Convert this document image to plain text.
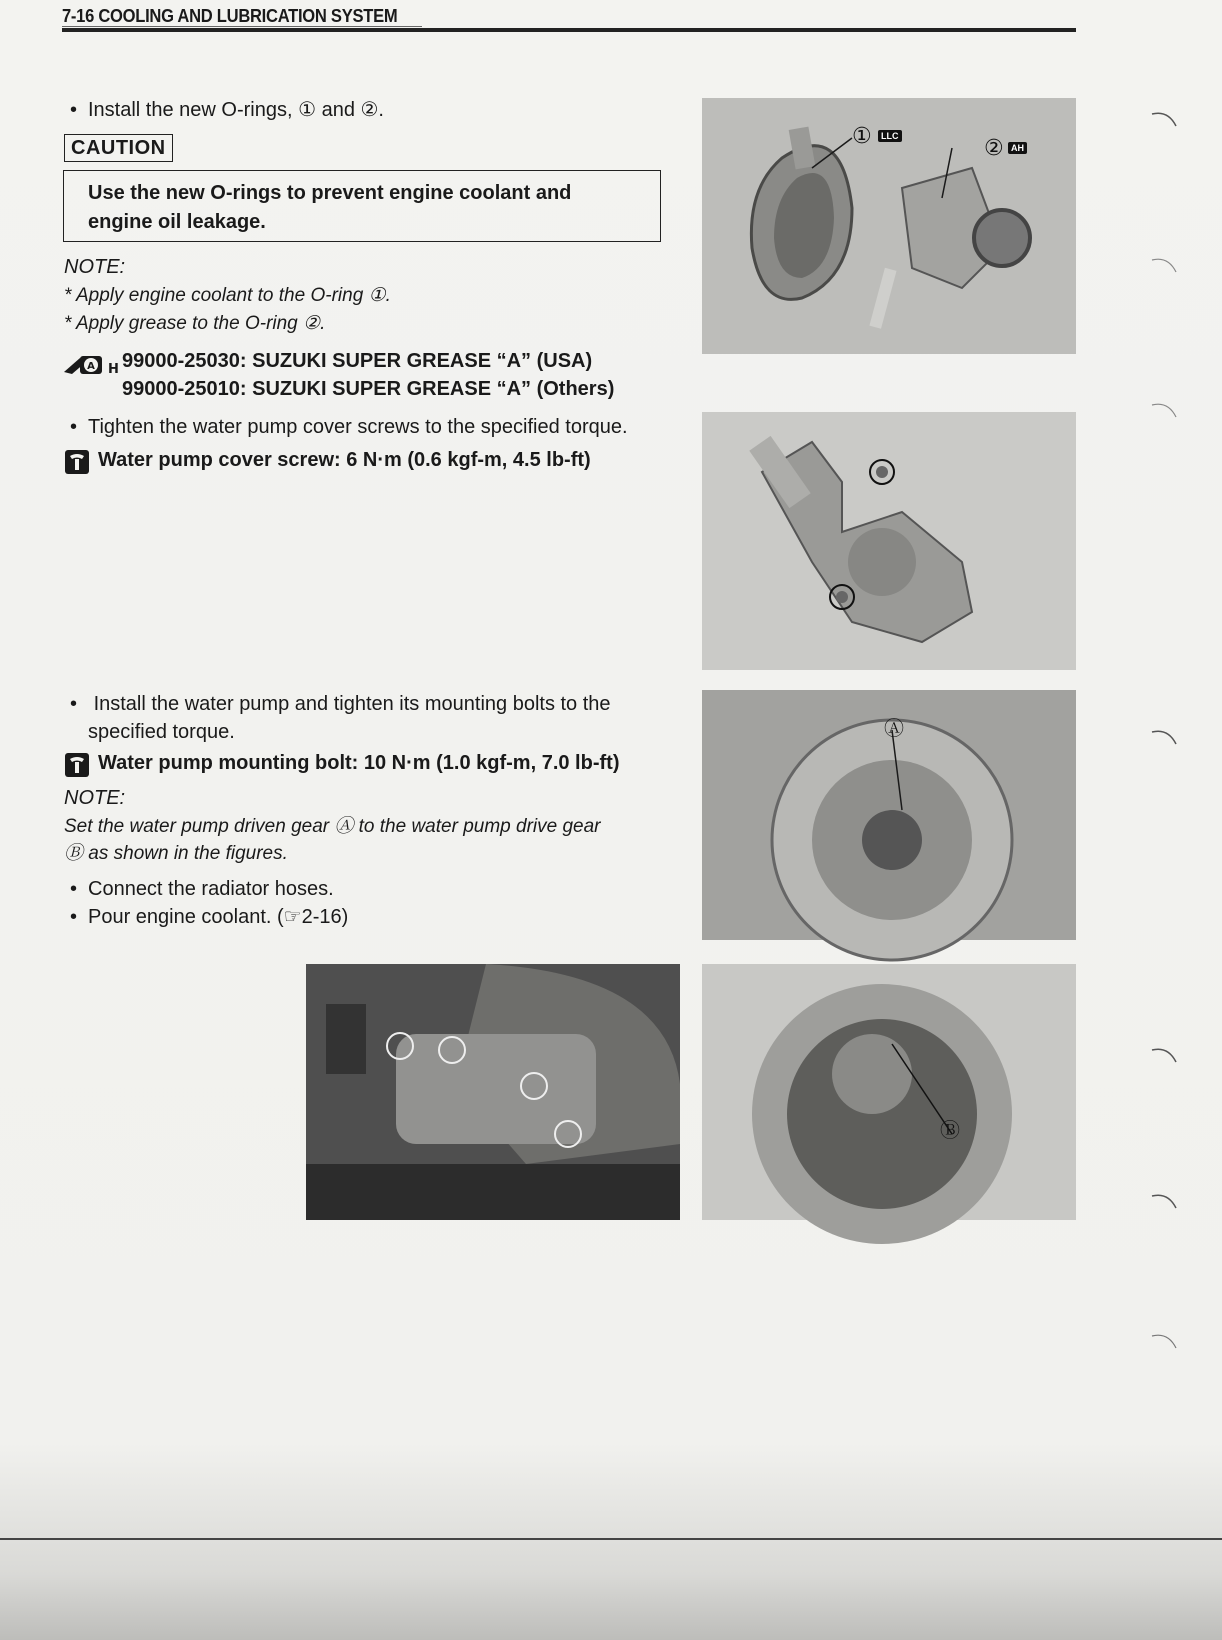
7-16 COOLING AND LUBRICATION SYSTEM
• Install the new O-rings, ① and ②.
CAUTION
Use the new O-rings to prevent engine coolant and
engine oil leakage.
NOTE:
* Apply engine coolant to the O-ring ①.
* Apply grease to the O-ring ②.
A H 99000-25030: SUZUKI SUPER GREASE “A” (USA)
99000-25010: SUZUKI SUPER GREASE “A” (Others)
• Tighten the water pump cover screws to the specified torque.
Water pump cover screw: 6 N·m (0.6 kgf-m, 4.5 lb-ft)
• Install the water pump and tighten its mounting bolts to the
specified torque.
Water pump mounting bolt: 10 N·m (1.0 kgf-m, 7.0 lb-ft)
NOTE:
Set the water pump driven gear Ⓐ to the water pump drive gear
Ⓑ as shown in the figures.
• Connect the radiator hoses.
• Pour engine coolant. (☞2-16)
①	LLC	② AH
Ⓐ
Ⓑ
